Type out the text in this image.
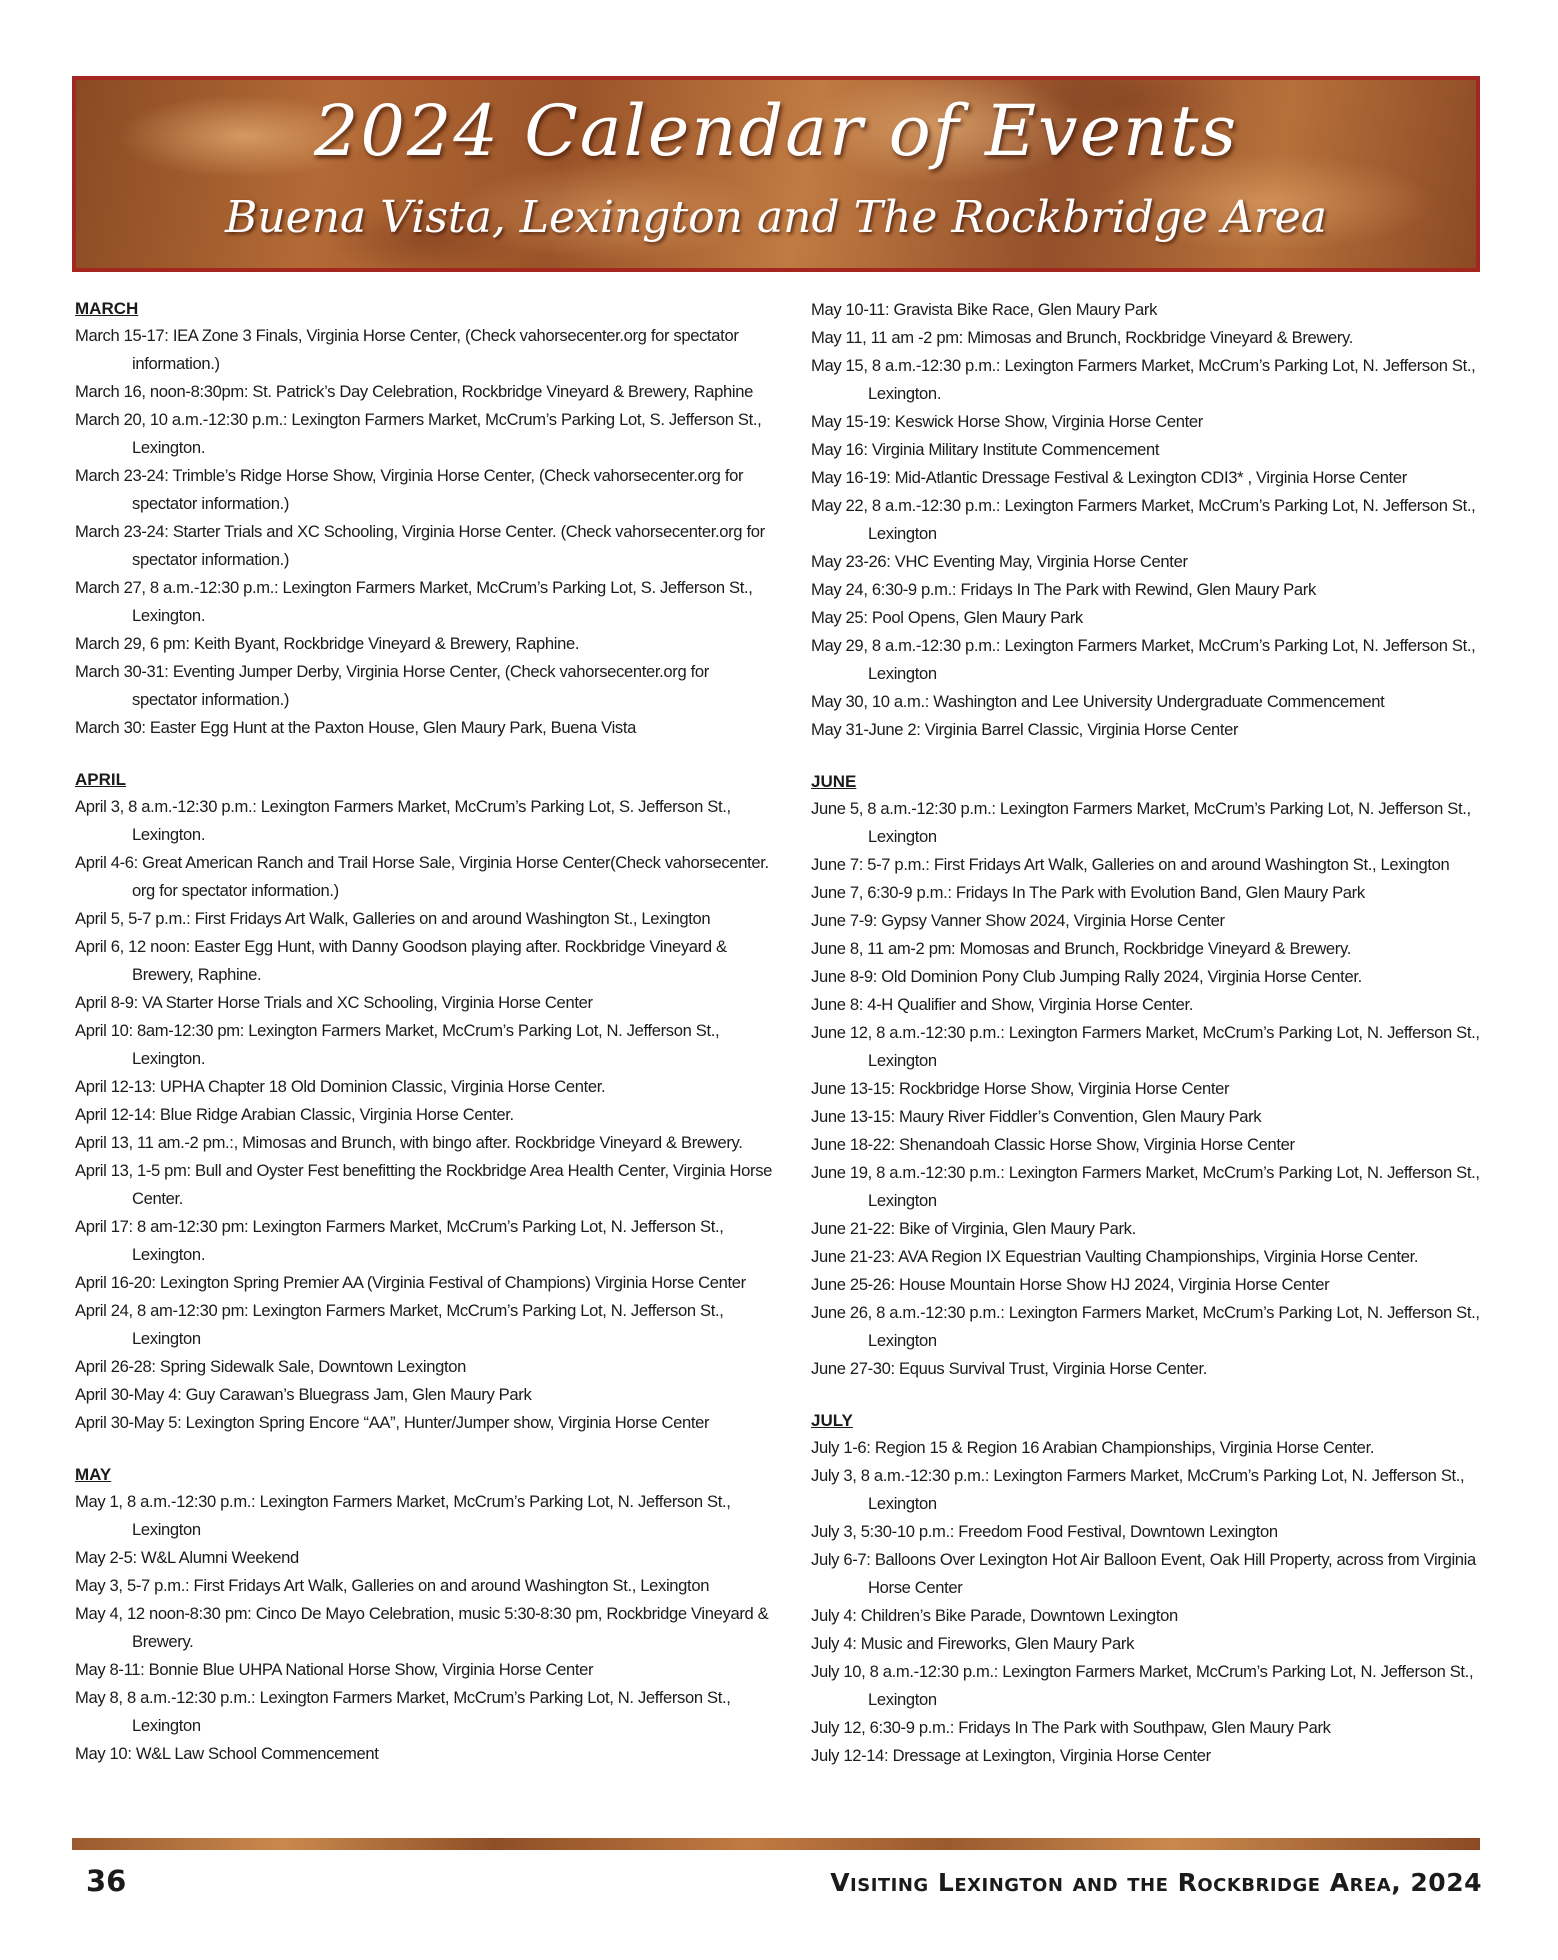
2024 Calendar of Events
Buena Vista, Lexington and The Rockbridge Area
MARCH
March 15-17: IEA Zone 3 Finals, Virginia Horse Center, (Check vahorsecenter.org for spectator information.)
March 16, noon-8:30pm: St. Patrick’s Day Celebration, Rockbridge Vineyard & Brewery, Raphine
March 20, 10 a.m.-12:30 p.m.: Lexington Farmers Market, McCrum’s Parking Lot, S. Jefferson St., Lexington.
March 23-24: Trimble’s Ridge Horse Show, Virginia Horse Center, (Check vahorsecenter.org for spectator information.)
March 23-24: Starter Trials and XC Schooling, Virginia Horse Center. (Check vahorsecenter.org for spectator information.)
March 27, 8 a.m.-12:30 p.m.: Lexington Farmers Market, McCrum’s Parking Lot, S. Jefferson St., Lexington.
March 29, 6 pm: Keith Byant, Rockbridge Vineyard & Brewery, Raphine.
March 30-31: Eventing Jumper Derby, Virginia Horse Center, (Check vahorsecenter.org for spectator information.)
March 30: Easter Egg Hunt at the Paxton House, Glen Maury Park, Buena Vista
APRIL
April 3, 8 a.m.-12:30 p.m.: Lexington Farmers Market, McCrum’s Parking Lot, S. Jefferson St., Lexington.
April 4-6: Great American Ranch and Trail Horse Sale, Virginia Horse Center(Check vahorsecenter. org for spectator information.)
April 5, 5-7 p.m.: First Fridays Art Walk, Galleries on and around Washington St., Lexington
April 6, 12 noon: Easter Egg Hunt, with Danny Goodson playing after. Rockbridge Vineyard & Brewery, Raphine.
April 8-9: VA Starter Horse Trials and XC Schooling, Virginia Horse Center
April 10: 8am-12:30 pm: Lexington Farmers Market, McCrum’s Parking Lot, N. Jefferson St., Lexington.
April 12-13: UPHA Chapter 18 Old Dominion Classic, Virginia Horse Center.
April 12-14: Blue Ridge Arabian Classic, Virginia Horse Center.
April 13, 11 am.-2 pm.:, Mimosas and Brunch, with bingo after. Rockbridge Vineyard & Brewery.
April 13, 1-5 pm: Bull and Oyster Fest benefitting the Rockbridge Area Health Center, Virginia Horse Center.
April 17: 8 am-12:30 pm: Lexington Farmers Market, McCrum’s Parking Lot, N. Jefferson St., Lexington.
April 16-20: Lexington Spring Premier AA (Virginia Festival of Champions) Virginia Horse Center
April 24, 8 am-12:30 pm: Lexington Farmers Market, McCrum’s Parking Lot, N. Jefferson St., Lexington
April 26-28: Spring Sidewalk Sale, Downtown Lexington
April 30-May 4: Guy Carawan’s Bluegrass Jam, Glen Maury Park
April 30-May 5: Lexington Spring Encore “AA”, Hunter/Jumper show, Virginia Horse Center
MAY
May 1, 8 a.m.-12:30 p.m.: Lexington Farmers Market, McCrum’s Parking Lot, N. Jefferson St., Lexington
May 2-5: W&L Alumni Weekend
May 3, 5-7 p.m.: First Fridays Art Walk, Galleries on and around Washington St., Lexington
May 4, 12 noon-8:30 pm: Cinco De Mayo Celebration, music 5:30-8:30 pm, Rockbridge Vineyard & Brewery.
May 8-11: Bonnie Blue UHPA National Horse Show, Virginia Horse Center
May 8, 8 a.m.-12:30 p.m.: Lexington Farmers Market, McCrum’s Parking Lot, N. Jefferson St., Lexington
May 10: W&L Law School Commencement
May 10-11: Gravista Bike Race, Glen Maury Park
May 11, 11 am -2 pm: Mimosas and Brunch, Rockbridge Vineyard & Brewery.
May 15, 8 a.m.-12:30 p.m.: Lexington Farmers Market, McCrum’s Parking Lot, N. Jefferson St., Lexington.
May 15-19: Keswick Horse Show, Virginia Horse Center
May 16: Virginia Military Institute Commencement
May 16-19: Mid-Atlantic Dressage Festival & Lexington CDI3* , Virginia Horse Center
May 22, 8 a.m.-12:30 p.m.: Lexington Farmers Market, McCrum’s Parking Lot, N. Jefferson St., Lexington
May 23-26: VHC Eventing May, Virginia Horse Center
May 24, 6:30-9 p.m.: Fridays In The Park with Rewind, Glen Maury Park
May 25: Pool Opens, Glen Maury Park
May 29, 8 a.m.-12:30 p.m.: Lexington Farmers Market, McCrum’s Parking Lot, N. Jefferson St., Lexington
May 30, 10 a.m.: Washington and Lee University Undergraduate Commencement
May 31-June 2: Virginia Barrel Classic, Virginia Horse Center
JUNE
June 5, 8 a.m.-12:30 p.m.: Lexington Farmers Market, McCrum’s Parking Lot, N. Jefferson St., Lexington
June 7: 5-7 p.m.: First Fridays Art Walk, Galleries on and around Washington St., Lexington
June 7, 6:30-9 p.m.: Fridays In The Park with Evolution Band, Glen Maury Park
June 7-9: Gypsy Vanner Show 2024, Virginia Horse Center
June 8, 11 am-2 pm: Momosas and Brunch, Rockbridge Vineyard & Brewery.
June 8-9: Old Dominion Pony Club Jumping Rally 2024, Virginia Horse Center.
June 8: 4-H Qualifier and Show, Virginia Horse Center.
June 12, 8 a.m.-12:30 p.m.: Lexington Farmers Market, McCrum’s Parking Lot, N. Jefferson St., Lexington
June 13-15: Rockbridge Horse Show, Virginia Horse Center
June 13-15: Maury River Fiddler’s Convention, Glen Maury Park
June 18-22: Shenandoah Classic Horse Show, Virginia Horse Center
June 19, 8 a.m.-12:30 p.m.: Lexington Farmers Market, McCrum’s Parking Lot, N. Jefferson St., Lexington
June 21-22: Bike of Virginia, Glen Maury Park.
June 21-23: AVA Region IX Equestrian Vaulting Championships, Virginia Horse Center.
June 25-26: House Mountain Horse Show HJ 2024, Virginia Horse Center
June 26, 8 a.m.-12:30 p.m.: Lexington Farmers Market, McCrum’s Parking Lot, N. Jefferson St., Lexington
June 27-30: Equus Survival Trust, Virginia Horse Center.
JULY
July 1-6: Region 15 & Region 16 Arabian Championships, Virginia Horse Center.
July 3, 8 a.m.-12:30 p.m.: Lexington Farmers Market, McCrum’s Parking Lot, N. Jefferson St., Lexington
July 3, 5:30-10 p.m.: Freedom Food Festival, Downtown Lexington
July 6-7: Balloons Over Lexington Hot Air Balloon Event, Oak Hill Property, across from Virginia Horse Center
July 4: Children’s Bike Parade, Downtown Lexington
July 4: Music and Fireworks, Glen Maury Park
July 10, 8 a.m.-12:30 p.m.: Lexington Farmers Market, McCrum’s Parking Lot, N. Jefferson St., Lexington
July 12, 6:30-9 p.m.: Fridays In The Park with Southpaw, Glen Maury Park
July 12-14: Dressage at Lexington, Virginia Horse Center
36	Visiting Lexington and the Rockbridge Area, 2024
